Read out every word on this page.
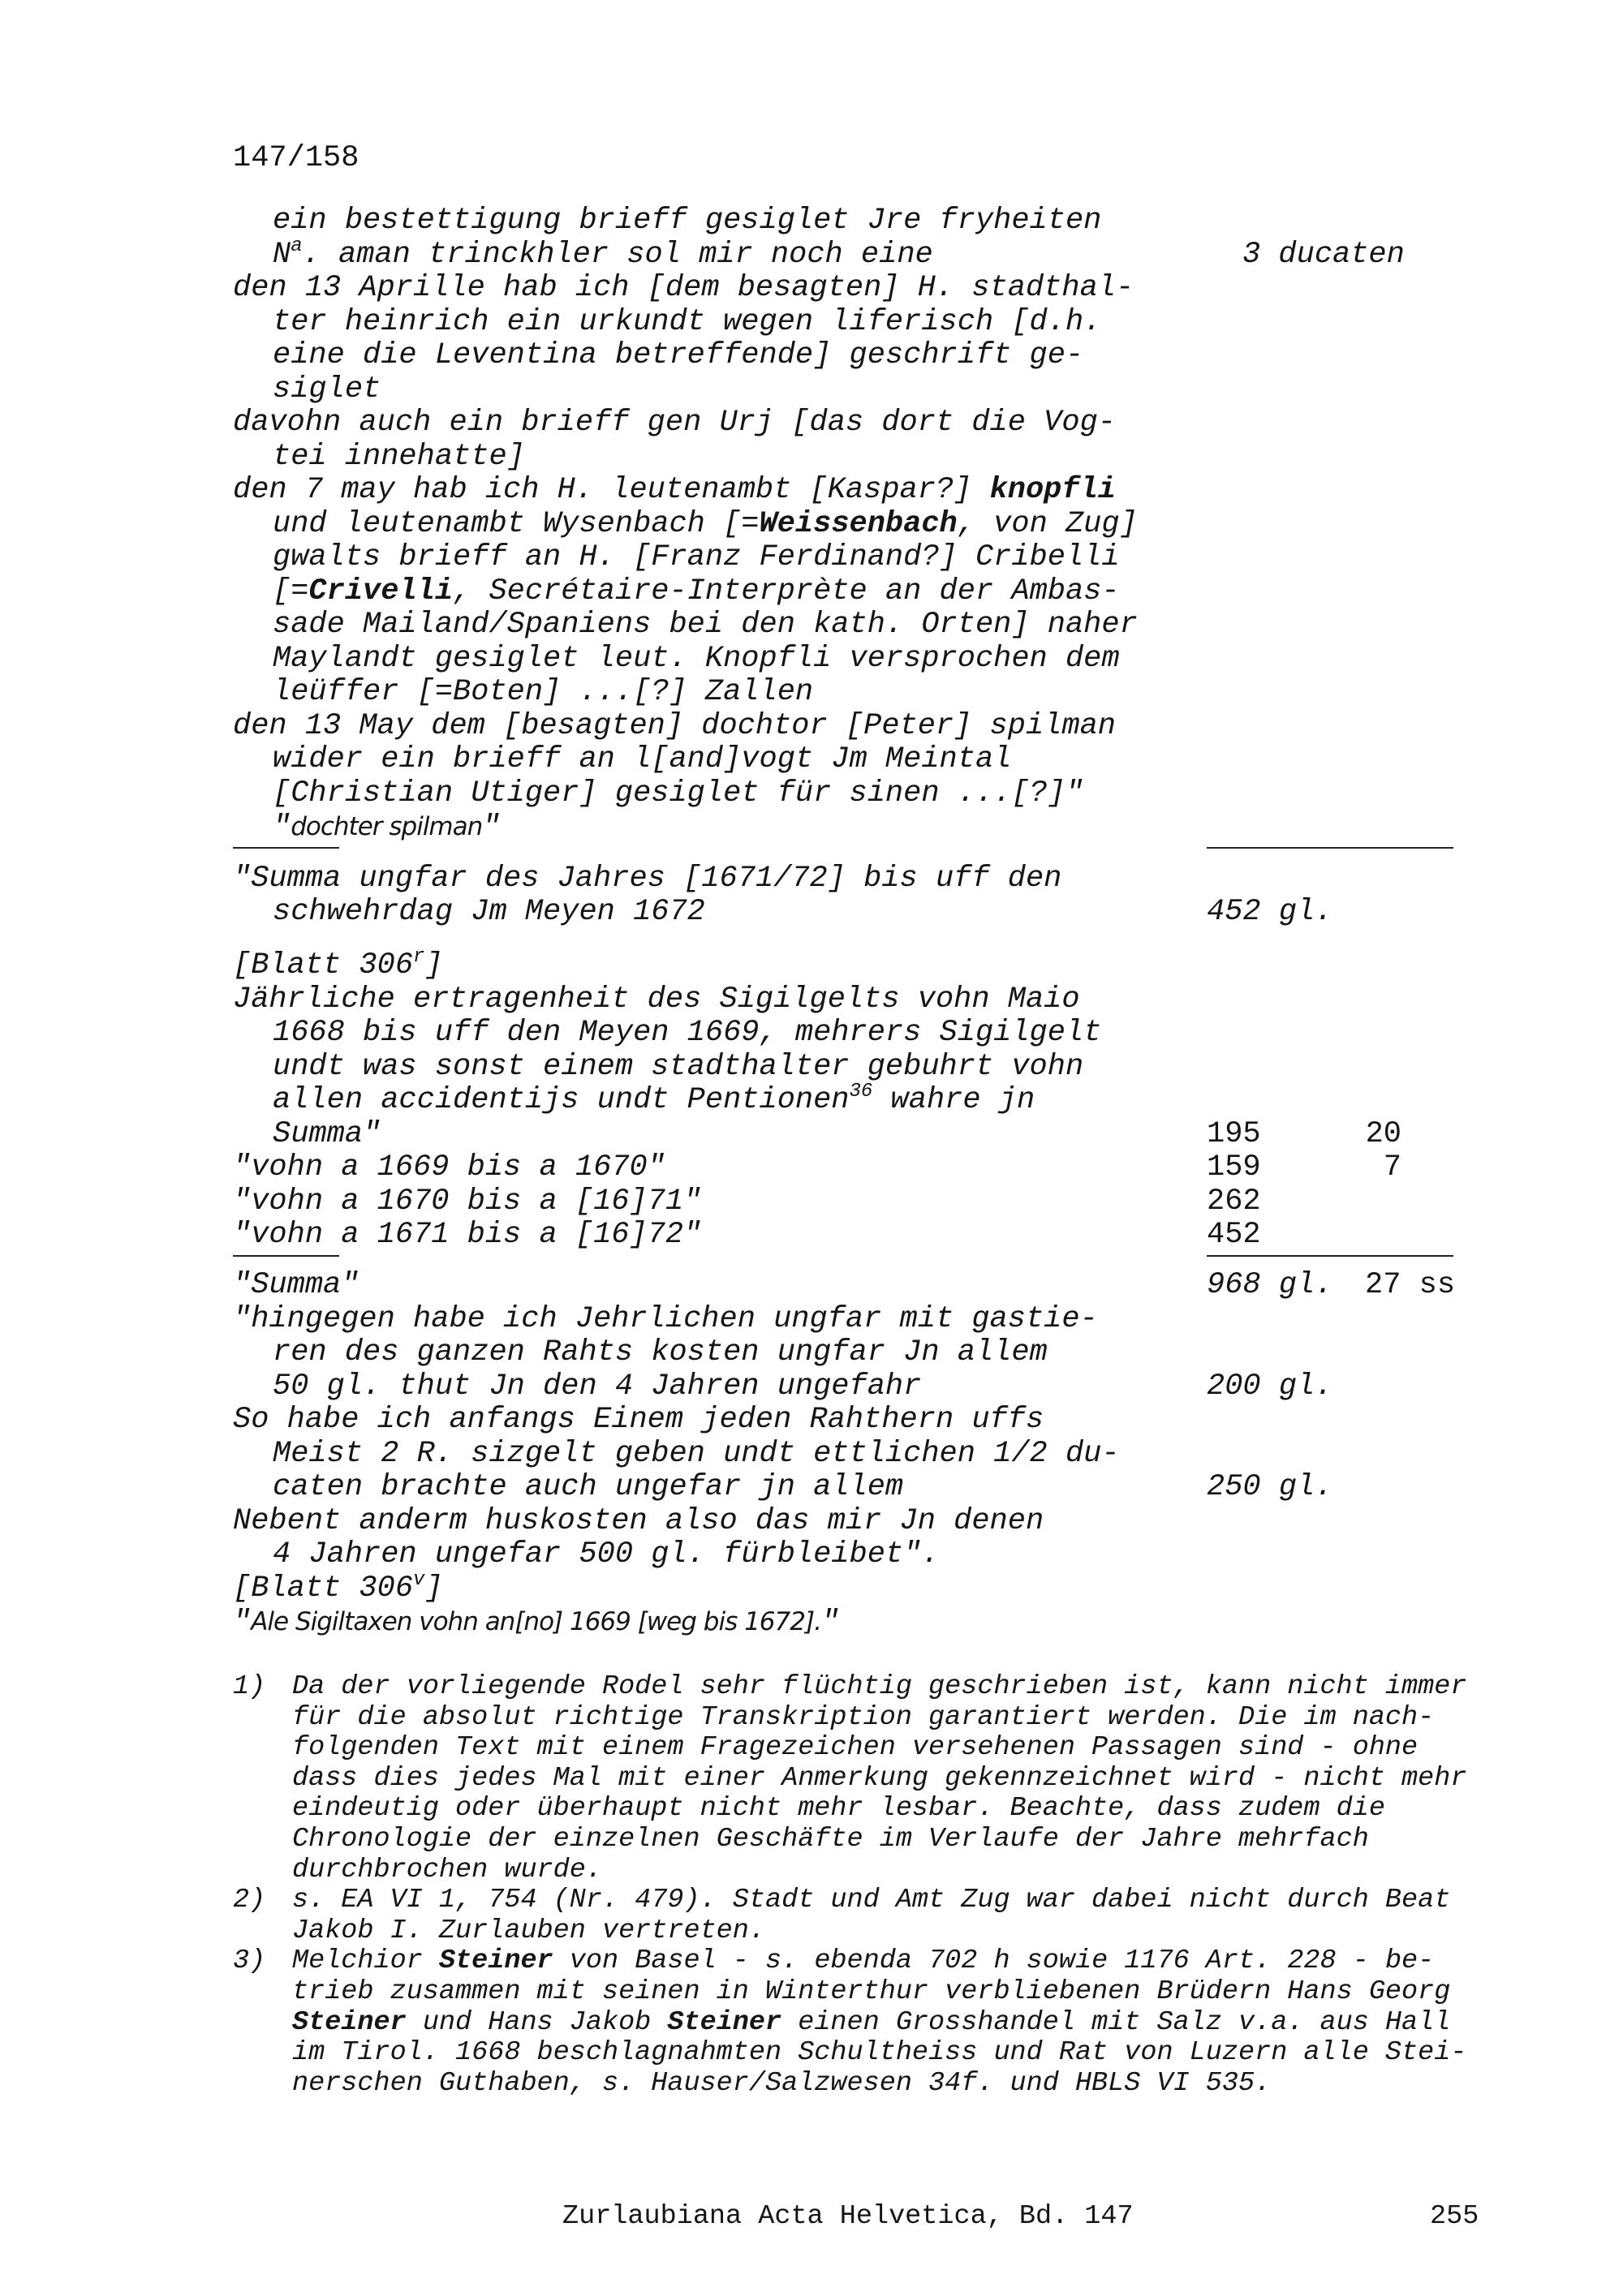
147/158
ein bestettigung brieff gesiglet Jre fryheiten
$N^a$. aman trinckhler sol mir noch eine	3 ducaten
den 13 Aprille hab ich [dem besagten] H. stadthal-
ter heinrich ein urkundt wegen liferisch [d.h.
eine die Leventina betreffende] geschrift ge-
siglet
davohn auch ein brieff gen Urj [das dort die Vog-
tei innehatte]
den 7 may hab ich H. leutenambt [Kaspar?] knopfli
und leutenambt Wysenbach [=Weissenbach, von Zug]
gwalts brieff an H. [Franz Ferdinand?] Cribelli
[=Crivelli, Secrétaire-Interprète an der Ambas-
sade Mailand/Spaniens bei den kath. Orten] naher
Maylandt gesiglet leut. Knopfli versprochen dem
leüffer [=Boten] ...[?] Zallen
den 13 May dem [besagten] dochtor [Peter] spilman
wider ein brieff an l[and]vogt Jm Meintal
[Christian Utiger] gesiglet für sinen ...[?]"
"dochter spilman"
"Summa ungfar des Jahres [1671/72] bis uff den
schwehrdag Jm Meyen 1672	452 gl.
[Blatt 306$^r$]
Jährliche ertragenheit des Sigilgelts vohn Maio
1668 bis uff den Meyen 1669, mehrers Sigilgelt
undt was sonst einem stadthalter gebuhrt vohn
allen accidentijs undt Pentionen$^{36}$ wahre jn
Summa"	195	20
"vohn a 1669 bis a 1670"	159	7
"vohn a 1670 bis a [16]71"	262
"vohn a 1671 bis a [16]72"	452
"Summa"	968 gl. 27 ss
"hingegen habe ich Jehrlichen ungfar mit gastie-
ren des ganzen Rahts kosten ungfar Jn allem
50 gl. thut Jn den 4 Jahren ungefahr	200 gl.
So habe ich anfangs Einem jeden Rahthern uffs
Meist 2 R. sizgelt geben undt ettlichen 1/2 du-
caten brachte auch ungefar jn allem	250 gl.
Nebent anderm huskosten also das mir Jn denen
4 Jahren ungefar 500 gl. fürbleibet".
[Blatt 306$^v$]
"Ale Sigiltaxen vohn an[no] 1669 [weg bis 1672]."
1) Da der vorliegende Rodel sehr flüchtig geschrieben ist, kann nicht immer
für die absolut richtige Transkription garantiert werden. Die im nach-
folgenden Text mit einem Fragezeichen versehenen Passagen sind - ohne
dass dies jedes Mal mit einer Anmerkung gekennzeichnet wird - nicht mehr
eindeutig oder überhaupt nicht mehr lesbar. Beachte, dass zudem die
Chronologie der einzelnen Geschäfte im Verlaufe der Jahre mehrfach
durchbrochen wurde.
2) s. EA VI 1, 754 (Nr. 479). Stadt und Amt Zug war dabei nicht durch Beat
Jakob I. Zurlauben vertreten.
3) Melchior Steiner von Basel - s. ebenda 702 h sowie 1176 Art. 228 - be-
trieb zusammen mit seinen in Winterthur verbliebenen Brüdern Hans Georg
Steiner und Hans Jakob Steiner einen Grosshandel mit Salz v.a. aus Hall
im Tirol. 1668 beschlagnahmten Schultheiss und Rat von Luzern alle Stei-
nerschen Guthaben, s. Hauser/Salzwesen 34f. und HBLS VI 535.
Zurlaubiana Acta Helvetica, Bd. 147	255
